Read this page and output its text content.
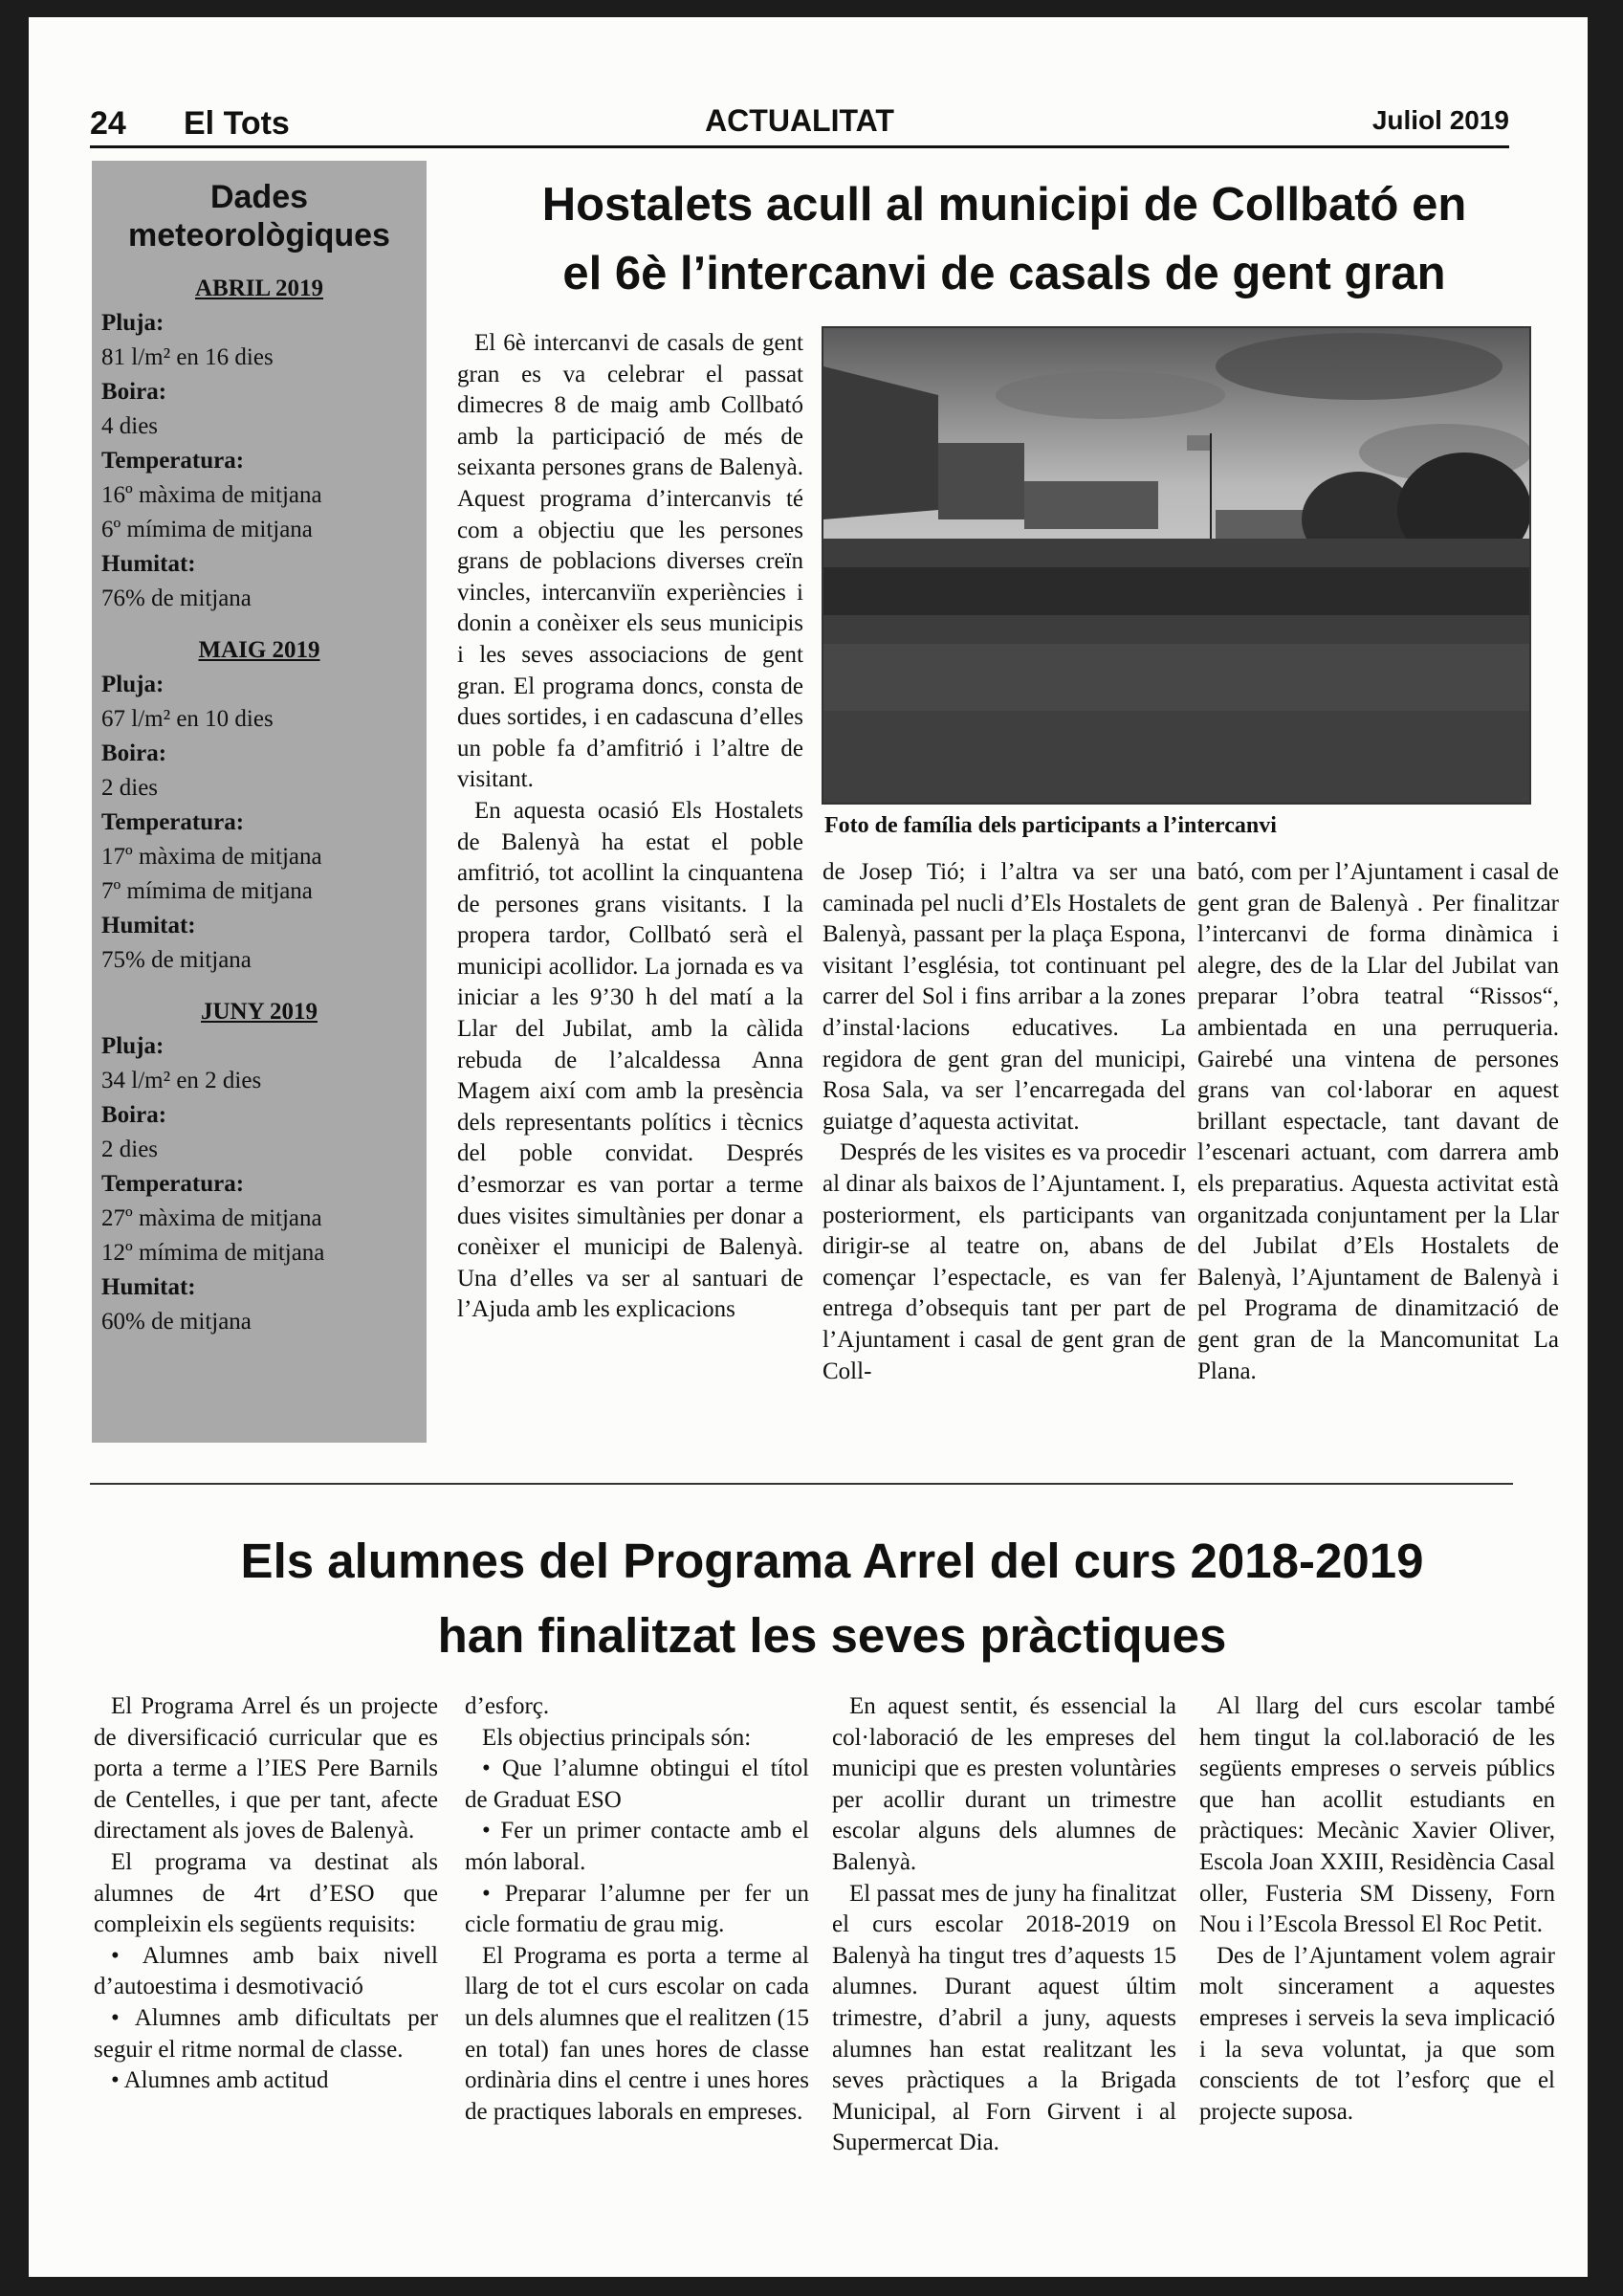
24 El Tots	ACTUALITAT	Juliol 2019
Dades
meteorològiques
ABRIL 2019
Pluja:
81 l/m² en 16 dies
Boira:
4 dies
Temperatura:
16º màxima de mitjana
6º mímima de mitjana
Humitat:
76% de mitjana
MAIG 2019
Pluja:
67 l/m² en 10 dies
Boira:
2 dies
Temperatura:
17º màxima de mitjana
7º mímima de mitjana
Humitat:
75% de mitjana
JUNY 2019
Pluja:
34 l/m² en 2 dies
Boira:
2 dies
Temperatura:
27º màxima de mitjana
12º mímima de mitjana
Humitat:
60% de mitjana
Hostalets acull al municipi de Collbató en
el 6è l’intercanvi de casals de gent gran

El 6è intercanvi de casals de gent gran es va celebrar el passat dimecres 8 de maig amb Collbató amb la participació de més de seixanta persones grans de Balenyà. Aquest programa d’intercanvis té com a objectiu que les persones grans de poblacions diverses creïn vincles, intercanviïn experiències i donin a conèixer els seus municipis i les seves associacions de gent gran. El programa doncs, consta de dues sortides, i en cadascuna d’elles un poble fa d’amfitrió i l’altre de visitant.

En aquesta ocasió Els Hostalets de Balenyà ha estat el poble amfitrió, tot acollint la cinquantena de persones grans visitants. I la propera tardor, Collbató serà el municipi acollidor. La jornada es va iniciar a les 9’30 h del matí a la Llar del Jubilat, amb la càlida rebuda de l’alcaldessa Anna Magem així com amb la presència dels representants polítics i tècnics del poble convidat. Després d’esmorzar es van portar a terme dues visites simultànies per donar a conèixer el municipi de Balenyà. Una d’elles va ser al santuari de l’Ajuda amb les explicacions

Foto de família dels participants a l’intercanvi

de Josep Tió; i l’altra va ser una caminada pel nucli d’Els Hostalets de Balenyà, passant per la plaça Espona, visitant l’església, tot continuant pel carrer del Sol i fins arribar a la zones d’instal·lacions educatives. La regidora de gent gran del municipi, Rosa Sala, va ser l’encarregada del guiatge d’aquesta activitat.

Després de les visites es va procedir al dinar als baixos de l’Ajuntament. I, posteriorment, els participants van dirigir-se al teatre on, abans de començar l’espectacle, es van fer entrega d’obsequis tant per part de l’Ajuntament i casal de gent gran de Coll-

bató, com per l’Ajuntament i casal de gent gran de Balenyà . Per finalitzar l’intercanvi de forma dinàmica i alegre, des de la Llar del Jubilat van preparar l’obra teatral “Rissos“, ambientada en una perruqueria. Gairebé una vintena de persones grans van col·laborar en aquest brillant espectacle, tant davant de l’escenari actuant, com darrera amb els preparatius. Aquesta activitat està organitzada conjuntament per la Llar del Jubilat d’Els Hostalets de Balenyà, l’Ajuntament de Balenyà i pel Programa de dinamització de gent gran de la Mancomunitat La Plana.

Els alumnes del Programa Arrel del curs 2018-2019
han finalitzat les seves pràctiques

El Programa Arrel és un projecte de diversificació curricular que es porta a terme a l’IES Pere Barnils de Centelles, i que per tant, afecte directament als joves de Balenyà.

El programa va destinat als alumnes de 4rt d’ESO que compleixin els següents requisits:

• Alumnes amb baix nivell d’autoestima i desmotivació

• Alumnes amb dificultats per seguir el ritme normal de classe.

• Alumnes amb actitud

d’esforç.

Els objectius principals són:

• Que l’alumne obtingui el títol de Graduat ESO

• Fer un primer contacte amb el món laboral.

• Preparar l’alumne per fer un cicle formatiu de grau mig.

El Programa es porta a terme al llarg de tot el curs escolar on cada un dels alumnes que el realitzen (15 en total) fan unes hores de classe ordinària dins el centre i unes hores de practiques laborals en empreses.

En aquest sentit, és essencial la col·laboració de les empreses del municipi que es presten voluntàries per acollir durant un trimestre escolar alguns dels alumnes de Balenyà.

El passat mes de juny ha finalitzat el curs escolar 2018-2019 on Balenyà ha tingut tres d’aquests 15 alumnes. Durant aquest últim trimestre, d’abril a juny, aquests alumnes han estat realitzant les seves pràctiques a la Brigada Municipal, al Forn Girvent i al Supermercat Dia.

Al llarg del curs escolar també hem tingut la col.laboració de les següents empreses o serveis públics que han acollit estudiants en pràctiques: Mecànic Xavier Oliver, Escola Joan XXIII, Residència Casal oller, Fusteria SM Disseny, Forn Nou i l’Escola Bressol El Roc Petit.

Des de l’Ajuntament volem agrair molt sincerament a aquestes empreses i serveis la seva implicació i la seva voluntat, ja que som conscients de tot l’esforç que el projecte suposa.
